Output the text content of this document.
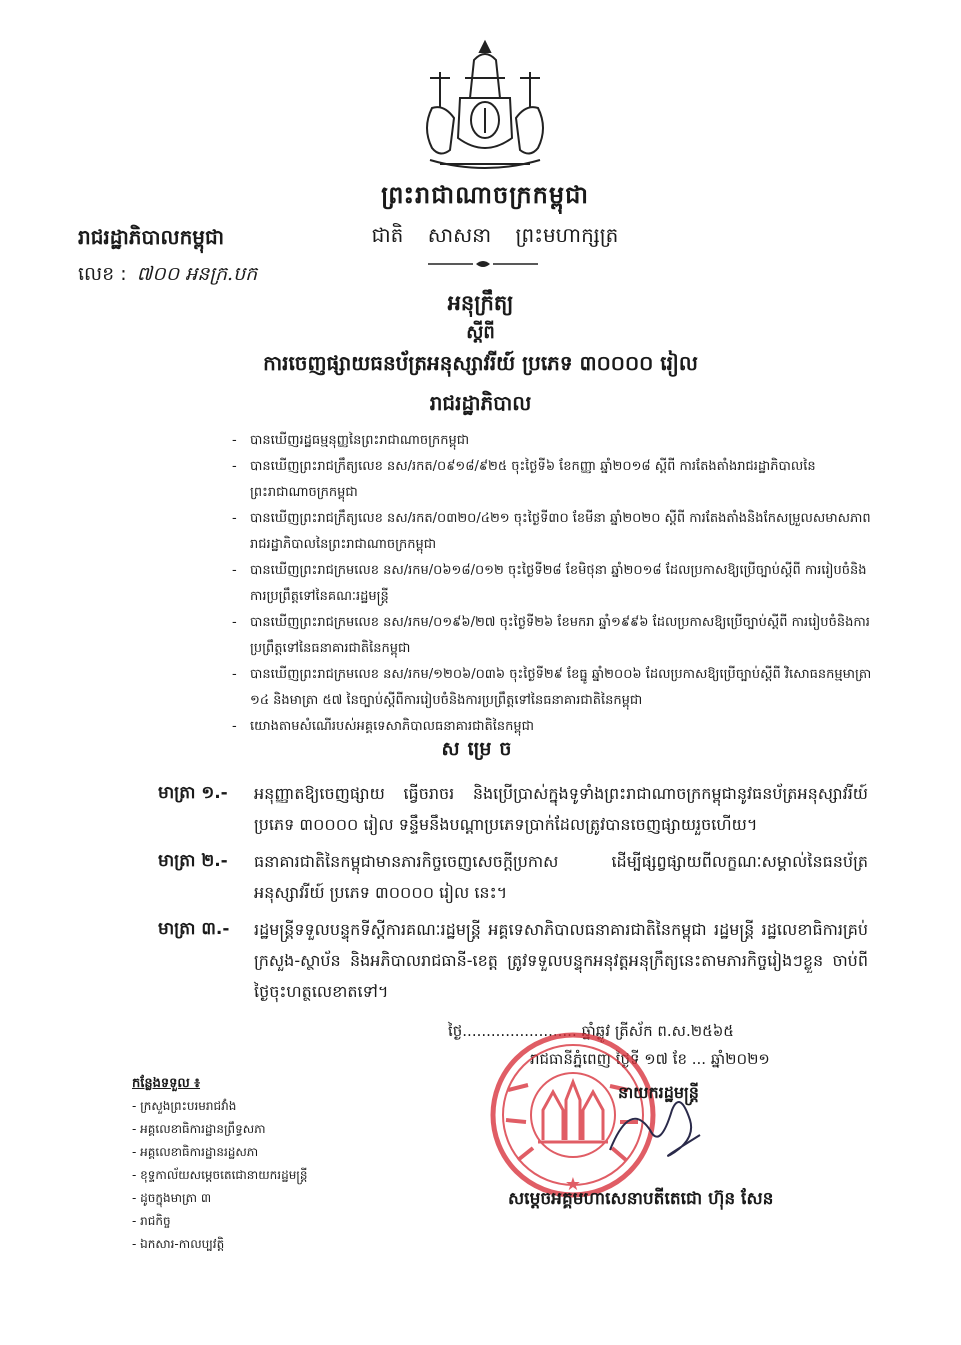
ព្រះរាជាណាចក្រកម្ពុជា
ជាតិ សាសនា ព្រះមហាក្សត្រ
រាជរដ្ឋាភិបាលកម្ពុជា
លេខ : ៧០០ អនក្រ.បក
អនុក្រឹត្យ
ស្តីពី
ការចេញផ្សាយធនប័ត្រអនុស្សាវរីយ៍ ប្រភេទ ៣០០០០ រៀល
រាជរដ្ឋាភិបាល
-	បានឃើញរដ្ឋធម្មនុញ្ញនៃព្រះរាជាណាចក្រកម្ពុជា
-	បានឃើញព្រះរាជក្រឹត្យលេខ នស/រកត/០៩១៨/៩២៥ ចុះថ្ងៃទី៦ ខែកញ្ញា ឆ្នាំ២០១៨ ស្តីពី ការតែងតាំងរាជរដ្ឋាភិបាលនៃព្រះរាជាណាចក្រកម្ពុជា
-	បានឃើញព្រះរាជក្រឹត្យលេខ នស/រកត/០៣២០/៤២១ ចុះថ្ងៃទី៣០ ខែមីនា ឆ្នាំ២០២០ ស្តីពី ការតែងតាំងនិងកែសម្រួលសមាសភាពរាជរដ្ឋាភិបាលនៃព្រះរាជាណាចក្រកម្ពុជា
-	បានឃើញព្រះរាជក្រមលេខ នស/រកម/០៦១៨/០១២ ចុះថ្ងៃទី២៨ ខែមិថុនា ឆ្នាំ២០១៨ ដែលប្រកាសឱ្យប្រើច្បាប់ស្តីពី ការរៀបចំនិងការប្រព្រឹត្តទៅនៃគណៈរដ្ឋមន្ត្រី
-	បានឃើញព្រះរាជក្រមលេខ នស/រកម/០១៩៦/២៧ ចុះថ្ងៃទី២៦ ខែមករា ឆ្នាំ១៩៩៦ ដែលប្រកាសឱ្យប្រើច្បាប់ស្តីពី ការរៀបចំនិងការប្រព្រឹត្តទៅនៃធនាគារជាតិនៃកម្ពុជា
-	បានឃើញព្រះរាជក្រមលេខ នស/រកម/១២០៦/០៣៦ ចុះថ្ងៃទី២៩ ខែធ្នូ ឆ្នាំ២០០៦ ដែលប្រកាសឱ្យប្រើច្បាប់ស្តីពី វិសោធនកម្មមាត្រា ១៤ និងមាត្រា ៥៧ នៃច្បាប់ស្តីពីការរៀបចំនិងការប្រព្រឹត្តទៅនៃធនាគារជាតិនៃកម្ពុជា
-	យោងតាមសំណើរបស់អគ្គទេសាភិបាលធនាគារជាតិនៃកម្ពុជា
សម្រេច
មាត្រា ១.-	អនុញ្ញាតឱ្យចេញផ្សាយ ធ្វើចរាចរ និងប្រើប្រាស់ក្នុងទូទាំងព្រះរាជាណាចក្រកម្ពុជានូវធនប័ត្រអនុស្សាវរីយ៍ ប្រភេទ ៣០០០០ រៀល ទន្ទឹមនឹងបណ្តាប្រភេទប្រាក់ដែលត្រូវបានចេញផ្សាយរួចហើយ។
មាត្រា ២.-	ធនាគារជាតិនៃកម្ពុជាមានភារកិច្ចចេញសេចក្តីប្រកាស ដើម្បីផ្សព្វផ្សាយពីលក្ខណៈសម្គាល់នៃធនប័ត្រអនុស្សាវរីយ៍ ប្រភេទ ៣០០០០ រៀល នេះ។
មាត្រា ៣.-	រដ្ឋមន្ត្រីទទួលបន្ទុកទីស្តីការគណៈរដ្ឋមន្ត្រី អគ្គទេសាភិបាលធនាគារជាតិនៃកម្ពុជា រដ្ឋមន្ត្រី រដ្ឋលេខាធិការគ្រប់ក្រសួង-ស្ថាប័ន និងអភិបាលរាជធានី-ខេត្ត ត្រូវទទួលបន្ទុកអនុវត្តអនុក្រឹត្យនេះតាមភារកិច្ចរៀងៗខ្លួន ចាប់ពីថ្ងៃចុះហត្ថលេខាតទៅ។
ថ្ងៃ........................ ឆ្នាំឆ្លូវ ត្រីស័ក ព.ស.២៥៦៥
រាជធានីភ្នំពេញ ថ្ងៃទី ១៧ ខែ ... ឆ្នាំ២០២១
★
នាយករដ្ឋមន្ត្រី
សម្តេចអគ្គមហាសេនាបតីតេជោ ហ៊ុន សែន
កន្លែងទទួល ៖
- ក្រសួងព្រះបរមរាជវាំង
- អគ្គលេខាធិការដ្ឋានព្រឹទ្ធសភា
- អគ្គលេខាធិការដ្ឋានរដ្ឋសភា
- ខុទ្ទកាល័យសម្តេចតេជោនាយករដ្ឋមន្ត្រី
- ដូចក្នុងមាត្រា ៣
- រាជកិច្ច
- ឯកសារ-កាលប្បវត្តិ
